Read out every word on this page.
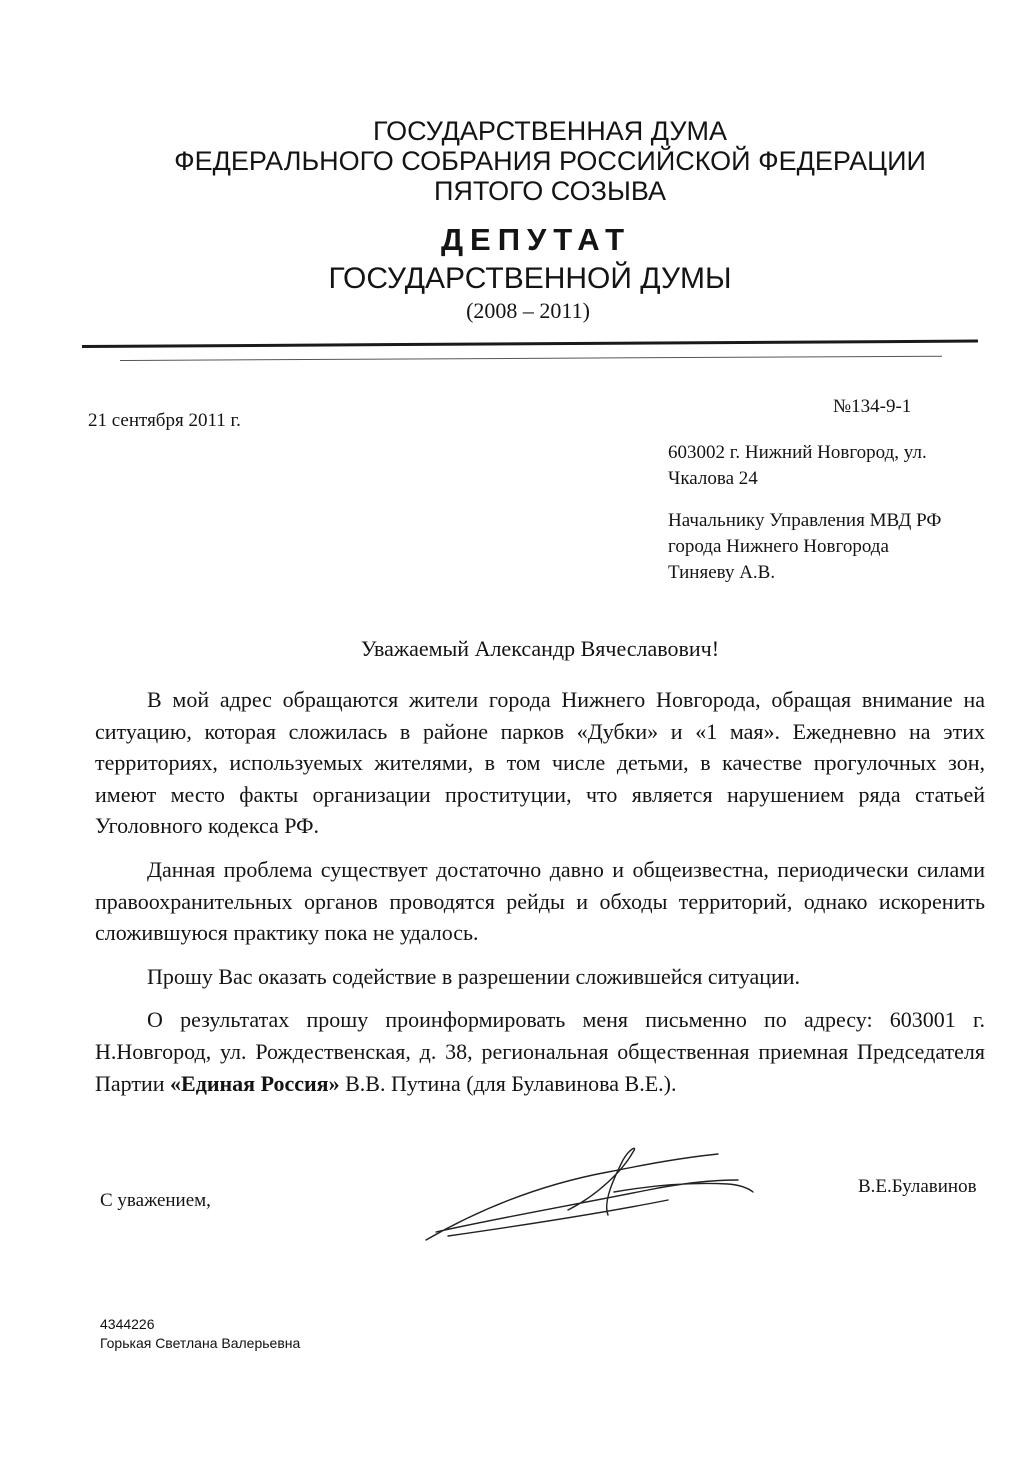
ГОСУДАРСТВЕННАЯ ДУМА
ФЕДЕРАЛЬНОГО СОБРАНИЯ РОССИЙСКОЙ ФЕДЕРАЦИИ
ПЯТОГО СОЗЫВА
ДЕПУТАТ
ГОСУДАРСТВЕННОЙ ДУМЫ
(2008 – 2011)
21 сентября 2011 г.
№134-9-1
603002 г. Нижний Новгород, ул. Чкалова 24
Начальнику Управления МВД РФ
города Нижнего Новгорода
Тиняеву А.В.
Уважаемый Александр Вячеславович!

В мой адрес обращаются жители города Нижнего Новгорода, обращая внимание на ситуацию, которая сложилась в районе парков «Дубки» и «1 мая». Ежедневно на этих территориях, используемых жителями, в том числе детьми, в качестве прогулочных зон, имеют место факты организации проституции, что является нарушением ряда статьей Уголовного кодекса РФ.

Данная проблема существует достаточно давно и общеизвестна, периодически силами правоохранительных органов проводятся рейды и обходы территорий, однако искоренить сложившуюся практику пока не удалось.

Прошу Вас оказать содействие в разрешении сложившейся ситуации.

О результатах прошу проинформировать меня письменно по адресу: 603001 г. Н.Новгород, ул. Рождественская, д. 38, региональная общественная приемная Председателя Партии «Единая Россия» В.В. Путина (для Булавинова В.Е.).

С уважением,
В.Е.Булавинов
4344226
Горькая Светлана Валерьевна
